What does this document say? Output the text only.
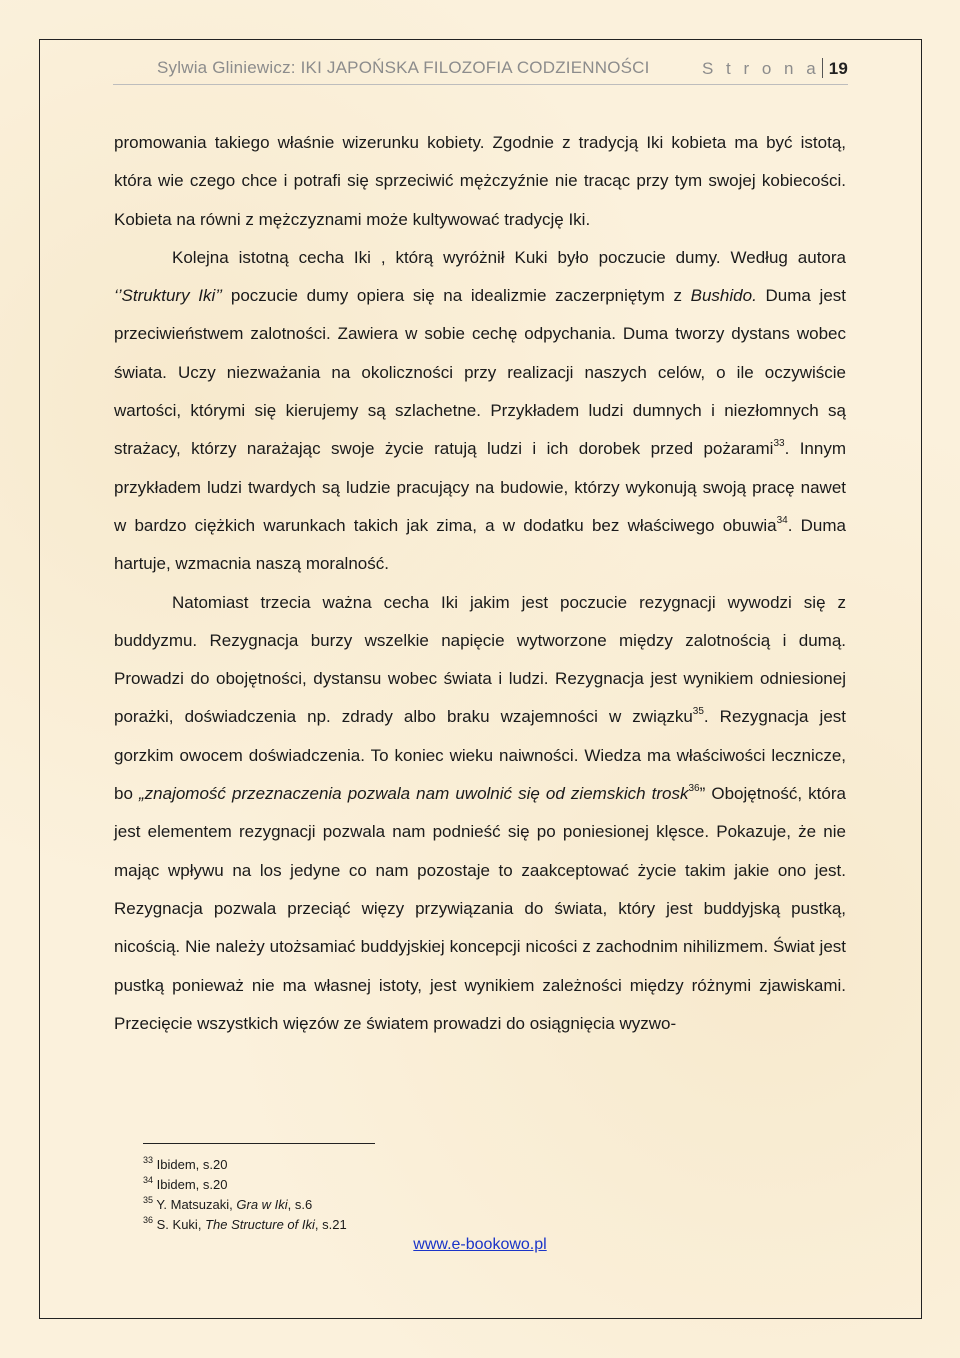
Sylwia Gliniewicz: IKI JAPOŃSKA FILOZOFIA CODZIENNOŚCI	S t r o n a 19

promowania takiego właśnie wizerunku kobiety. Zgodnie z tradycją Iki kobieta ma być istotą, która wie czego chce i potrafi się sprzeciwić mężczyźnie nie tracąc przy tym swojej kobiecości. Kobieta na równi z mężczyznami może kultywować tradycję Iki.

Kolejna istotną cecha Iki , którą wyróżnił Kuki było poczucie dumy. Według autora ‘’Struktury Iki’’ poczucie dumy opiera się na idealizmie zaczerpniętym z Bushido. Duma jest przeciwieństwem zalotności. Zawiera w sobie cechę odpychania. Duma tworzy dystans wobec świata. Uczy niezważania na okoliczności przy realizacji naszych celów, o ile oczywiście wartości, którymi się kierujemy są szlachetne. Przykładem ludzi dumnych i niezłomnych są strażacy, którzy narażając swoje życie ratują ludzi i ich dorobek przed pożarami$^{33}$. Innym przykładem ludzi twardych są ludzie pracujący na budowie, którzy wykonują swoją pracę nawet w bardzo ciężkich warunkach takich jak zima, a w dodatku bez właściwego obuwia$^{34}$. Duma hartuje, wzmacnia naszą moralność.

Natomiast trzecia ważna cecha Iki jakim jest poczucie rezygnacji wywodzi się z buddyzmu. Rezygnacja burzy wszelkie napięcie wytworzone między zalotnością i dumą. Prowadzi do obojętności, dystansu wobec świata i ludzi. Rezygnacja jest wynikiem odniesionej porażki, doświadczenia np. zdrady albo braku wzajemności w związku$^{35}$. Rezygnacja jest gorzkim owocem doświadczenia. To koniec wieku naiwności. Wiedza ma właściwości lecznicze, bo „znajomość przeznaczenia pozwala nam uwolnić się od ziemskich trosk$^{36}$” Obojętność, która jest elementem rezygnacji pozwala nam podnieść się po poniesionej klęsce. Pokazuje, że nie mając wpływu na los jedyne co nam pozostaje to zaakceptować życie takim jakie ono jest. Rezygnacja pozwala przeciąć więzy przywiązania do świata, który jest buddyjską pustką, nicością. Nie należy utożsamiać buddyjskiej koncepcji nicości z zachodnim nihilizmem. Świat jest pustką ponieważ nie ma własnej istoty, jest wynikiem zależności między różnymi zjawiskami. Przecięcie wszystkich więzów ze światem prowadzi do osiągnięcia wyzwo-

$^{33}$ Ibidem, s.20
$^{34}$ Ibidem, s.20
$^{35}$ Y. Matsuzaki, Gra w Iki, s.6
$^{36}$ S. Kuki, The Structure of Iki, s.21
www.e-bookowo.pl
